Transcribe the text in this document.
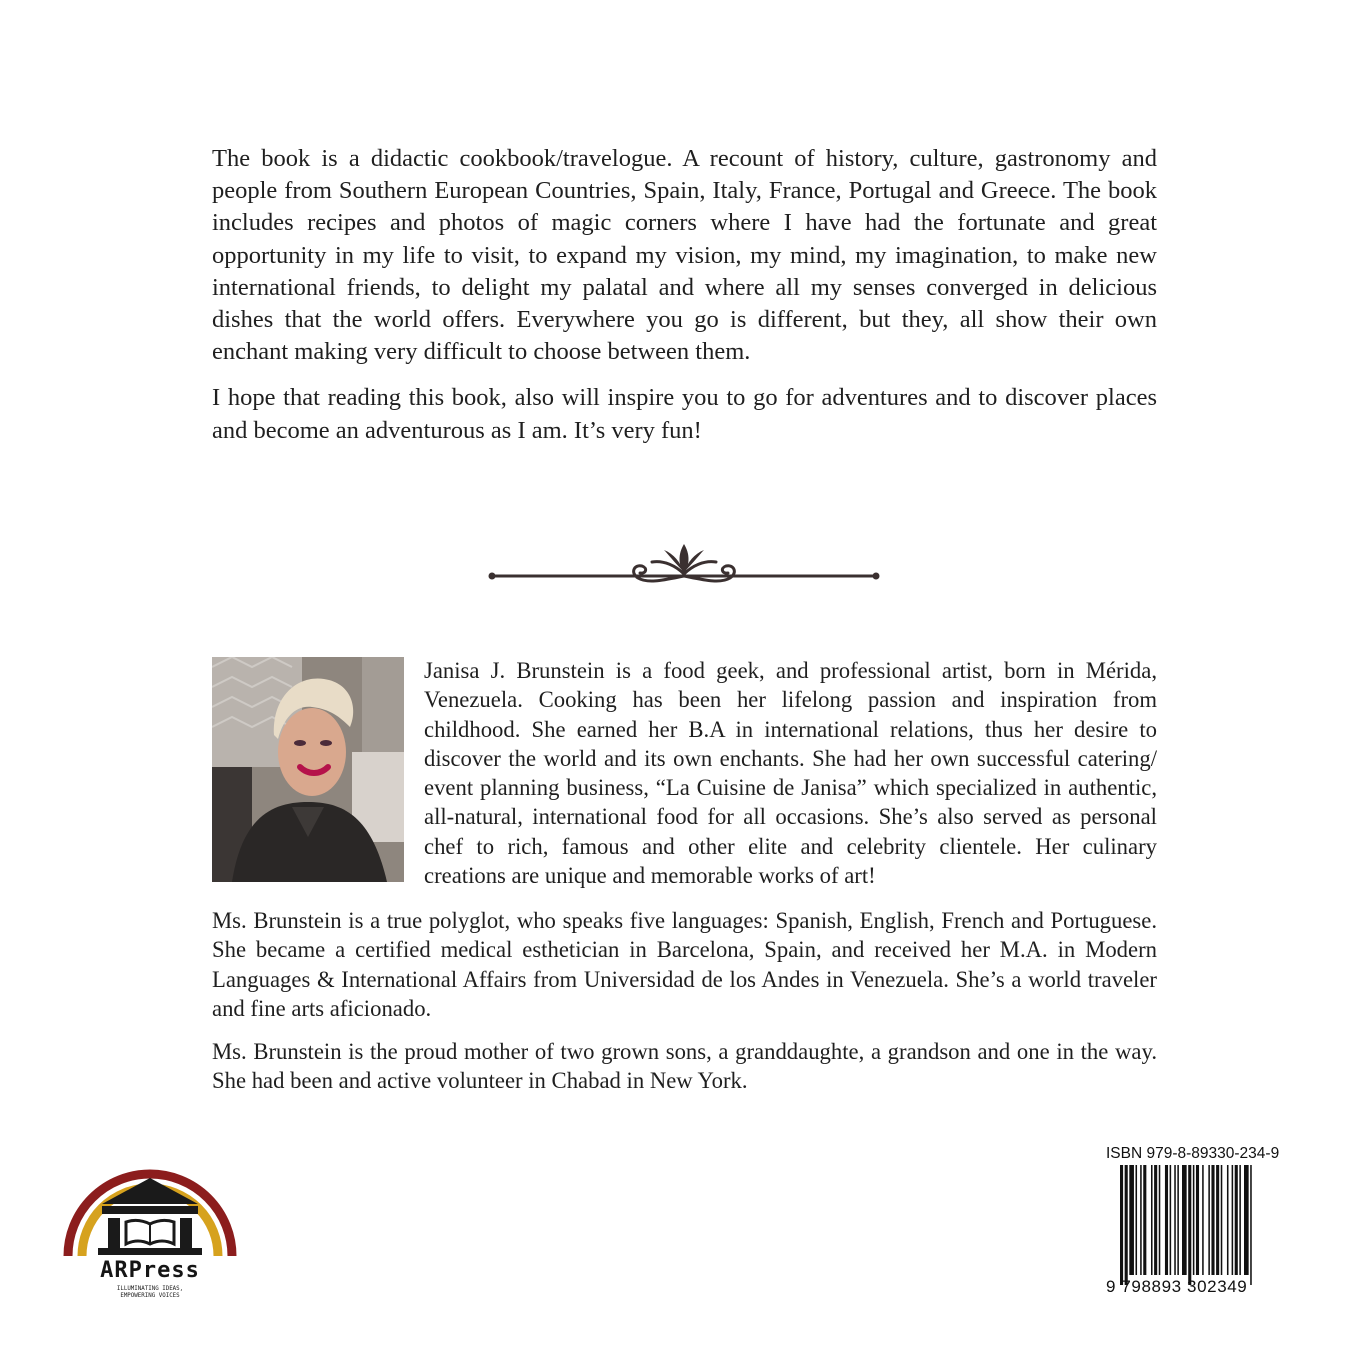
The book is a didactic cookbook/travelogue. A recount of history, culture, gastronomy and people from Southern European Countries, Spain, Italy, France, Portugal and Greece. The book includes recipes and photos of magic corners where I have had the fortunate and great opportunity in my life to visit, to expand my vision, my mind, my imagination, to make new international friends, to delight my palatal and where all my senses converged in delicious dishes that the world offers. Everywhere you go is different, but they, all show their own enchant making very difficult to choose between them.

I hope that reading this book, also will inspire you to go for adventures and to discover places and become an adventurous as I am. It’s very fun!

Janisa J. Brunstein is a food geek, and professional artist, born in Mérida, Venezuela. Cooking has been her lifelong passion and inspiration from childhood. She earned her B.A in international relations, thus her desire to discover the world and its own enchants. She had her own successful catering/ event planning business, “La Cuisine de Janisa” which specialized in authentic, all-natural, international food for all occasions. She’s also served as personal chef to rich, famous and other elite and celebrity clientele. Her culinary creations are unique and memorable works of art!

Ms. Brunstein is a true polyglot, who speaks five languages: Spanish, English, French and Portuguese. She became a certified medical esthetician in Barcelona, Spain, and received her M.A. in Modern Languages & International Affairs from Universidad de los Andes in Venezuela. She’s a world traveler and fine arts aficionado.

Ms. Brunstein is the proud mother of two grown sons, a granddaughte, a grandson and one in the way. She had been and active volunteer in Chabad in New York.

ARPress
ILLUMINATING IDEAS,
EMPOWERING VOICES
ISBN 979-8-89330-234-9
9 798893 302349
